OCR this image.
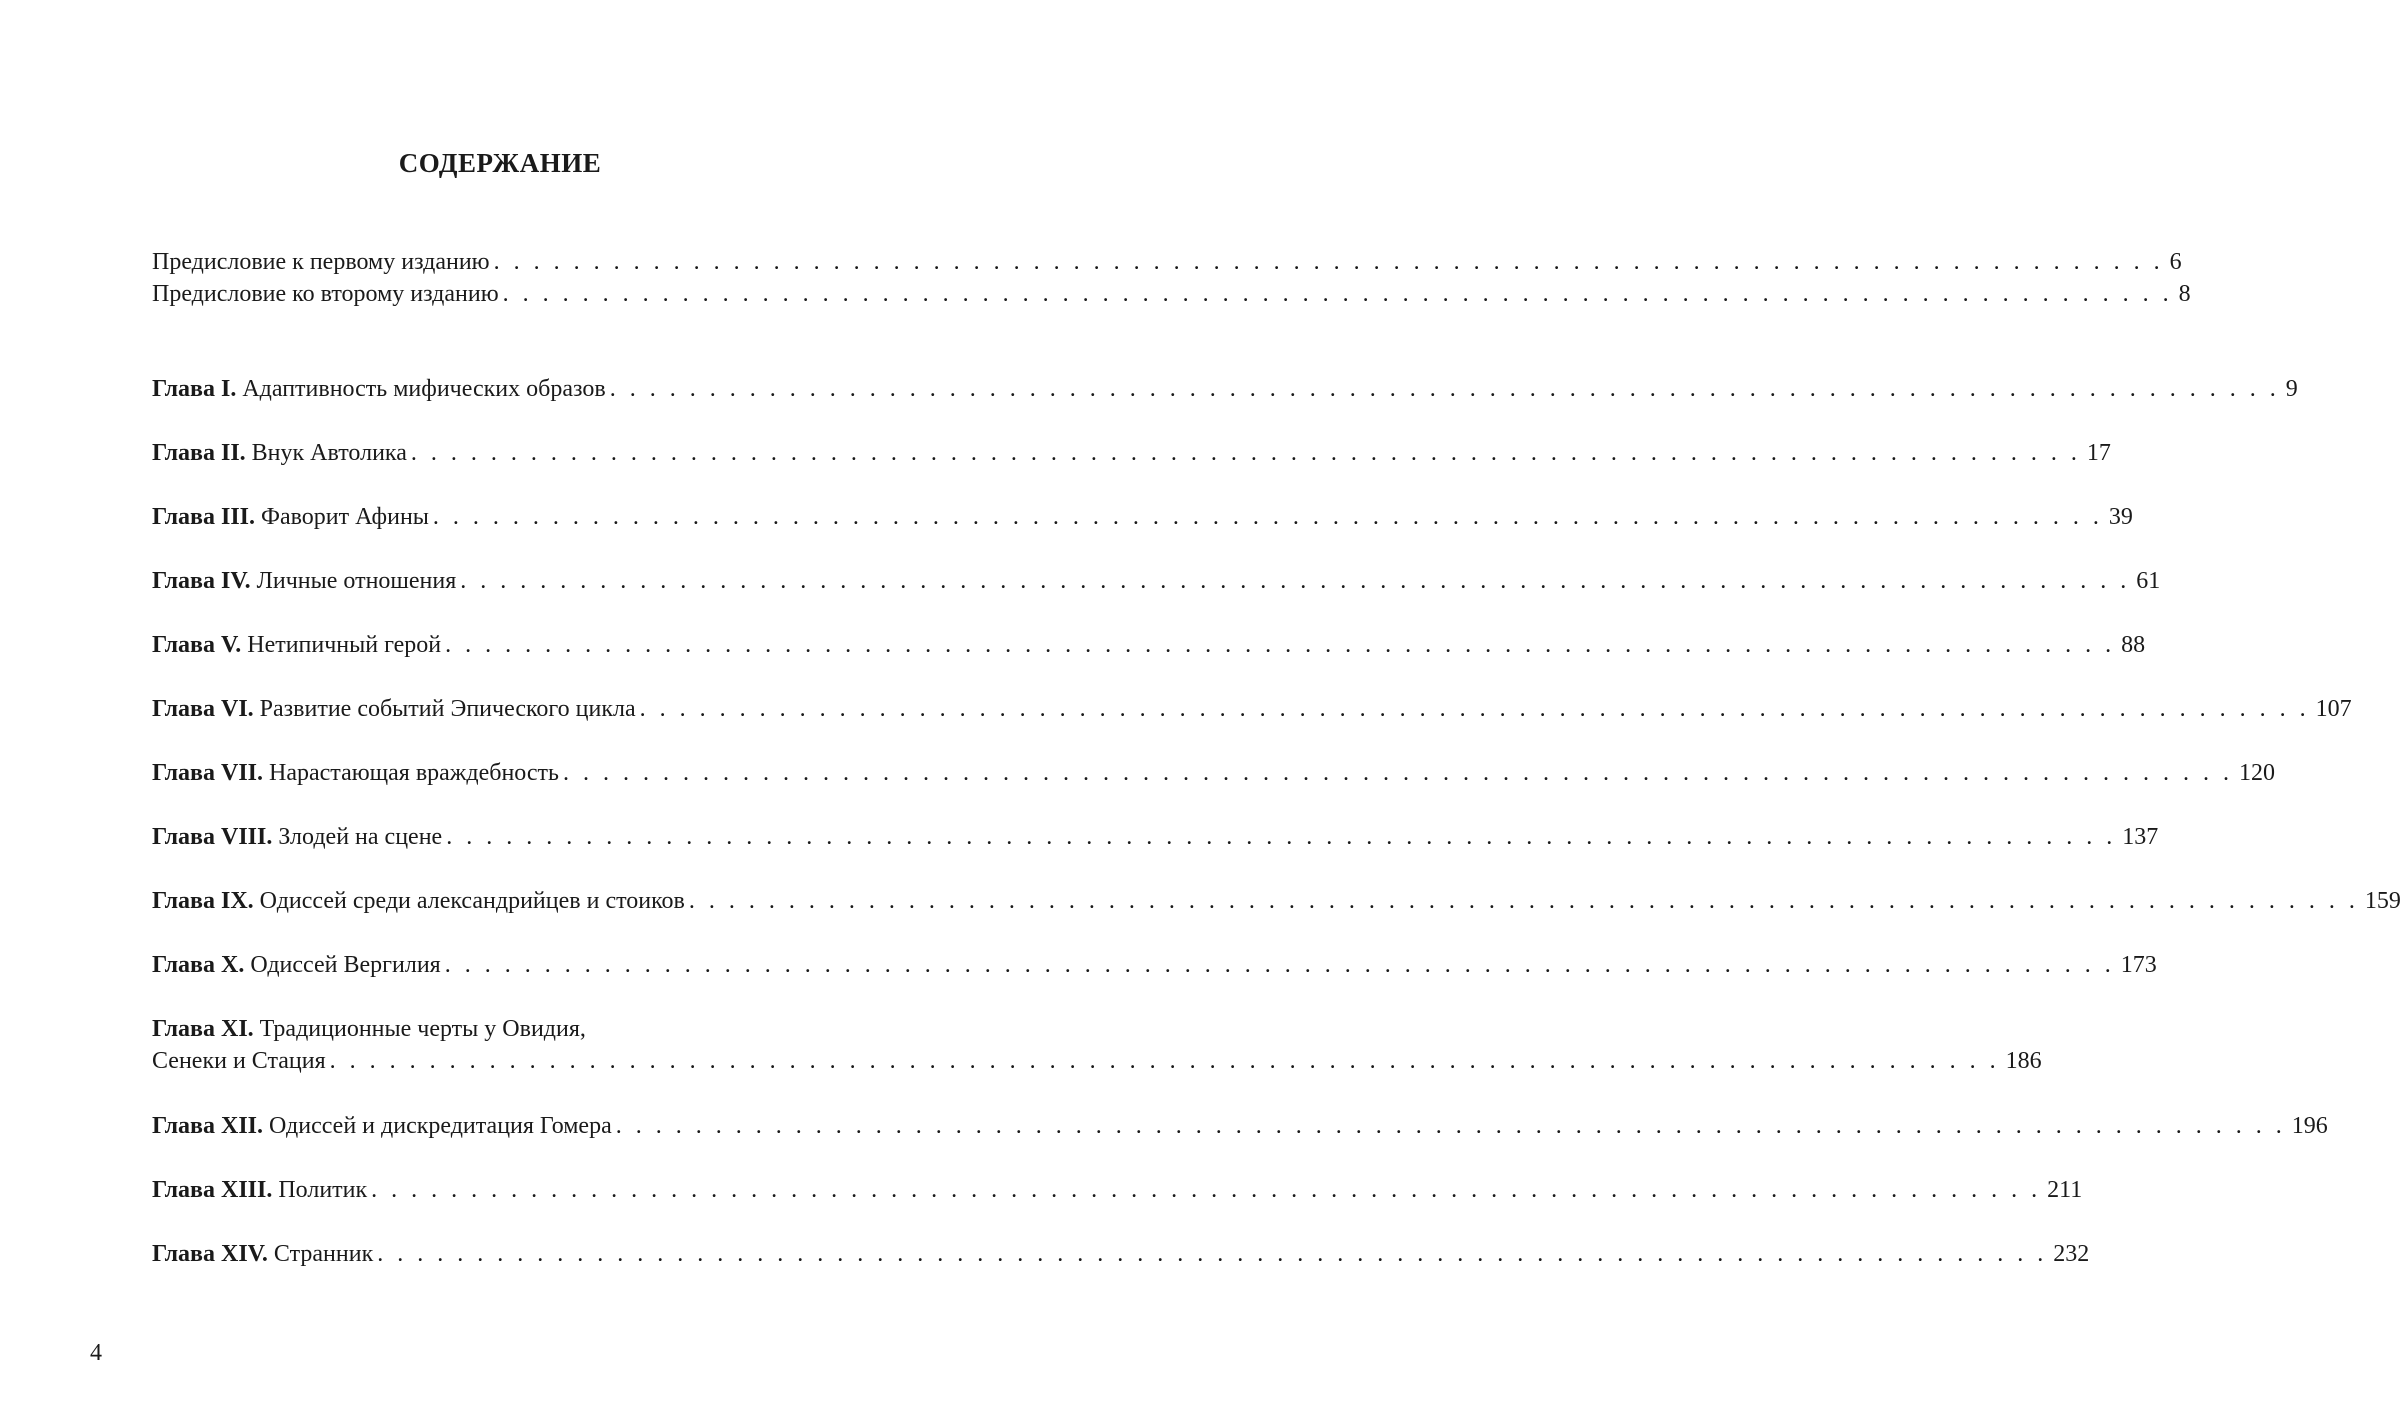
СОДЕРЖАНИЕ
Предисловие к первому изданию . . . . . . . . . . . . . . . . . . . . . . . . . . . . . . . . . . . . . . . . . . . . . . . . . . . . . . . . . . . . . . . . . . . . . . . . . . . . . . . . . . . . 6
Предисловие ко второму изданию . . . . . . . . . . . . . . . . . . . . . . . . . . . . . . . . . . . . . . . . . . . . . . . . . . . . . . . . . . . . . . . . . . . . . . . . . . . . . . . . . . . . 8
Глава I. Адаптивность мифических образов . . . . . . . . . . . . . . . . . . . . . . . . . . . . . . . . . . . . . . . . . . . . . . . . . . . . . . . . . . . . . . . . . . . . . . . . . . . . . . . . . . . . 9
Глава II. Внук Автолика . . . . . . . . . . . . . . . . . . . . . . . . . . . . . . . . . . . . . . . . . . . . . . . . . . . . . . . . . . . . . . . . . . . . . . . . . . . . . . . . . . . . 17
Глава III. Фаворит Афины . . . . . . . . . . . . . . . . . . . . . . . . . . . . . . . . . . . . . . . . . . . . . . . . . . . . . . . . . . . . . . . . . . . . . . . . . . . . . . . . . . . . 39
Глава IV. Личные отношения . . . . . . . . . . . . . . . . . . . . . . . . . . . . . . . . . . . . . . . . . . . . . . . . . . . . . . . . . . . . . . . . . . . . . . . . . . . . . . . . . . . . 61
Глава V. Нетипичный герой . . . . . . . . . . . . . . . . . . . . . . . . . . . . . . . . . . . . . . . . . . . . . . . . . . . . . . . . . . . . . . . . . . . . . . . . . . . . . . . . . . . . 88
Глава VI. Развитие событий Эпического цикла . . . . . . . . . . . . . . . . . . . . . . . . . . . . . . . . . . . . . . . . . . . . . . . . . . . . . . . . . . . . . . . . . . . . . . . . . . . . . . . . . . . . 107
Глава VII. Нарастающая враждебность . . . . . . . . . . . . . . . . . . . . . . . . . . . . . . . . . . . . . . . . . . . . . . . . . . . . . . . . . . . . . . . . . . . . . . . . . . . . . . . . . . . . 120
Глава VIII. Злодей на сцене . . . . . . . . . . . . . . . . . . . . . . . . . . . . . . . . . . . . . . . . . . . . . . . . . . . . . . . . . . . . . . . . . . . . . . . . . . . . . . . . . . . . 137
Глава IX. Одиссей среди александрийцев и стоиков . . . . . . . . . . . . . . . . . . . . . . . . . . . . . . . . . . . . . . . . . . . . . . . . . . . . . . . . . . . . . . . . . . . . . . . . . . . . . . . . . . . . 159
Глава X. Одиссей Вергилия . . . . . . . . . . . . . . . . . . . . . . . . . . . . . . . . . . . . . . . . . . . . . . . . . . . . . . . . . . . . . . . . . . . . . . . . . . . . . . . . . . . . 173
Глава XI. Традиционные черты у Овидия,
Сенеки и Стация . . . . . . . . . . . . . . . . . . . . . . . . . . . . . . . . . . . . . . . . . . . . . . . . . . . . . . . . . . . . . . . . . . . . . . . . . . . . . . . . . . . . 186
Глава XII. Одиссей и дискредитация Гомера . . . . . . . . . . . . . . . . . . . . . . . . . . . . . . . . . . . . . . . . . . . . . . . . . . . . . . . . . . . . . . . . . . . . . . . . . . . . . . . . . . . . 196
Глава XIII. Политик . . . . . . . . . . . . . . . . . . . . . . . . . . . . . . . . . . . . . . . . . . . . . . . . . . . . . . . . . . . . . . . . . . . . . . . . . . . . . . . . . . . . 211
Глава XIV. Странник . . . . . . . . . . . . . . . . . . . . . . . . . . . . . . . . . . . . . . . . . . . . . . . . . . . . . . . . . . . . . . . . . . . . . . . . . . . . . . . . . . . . 232
4
